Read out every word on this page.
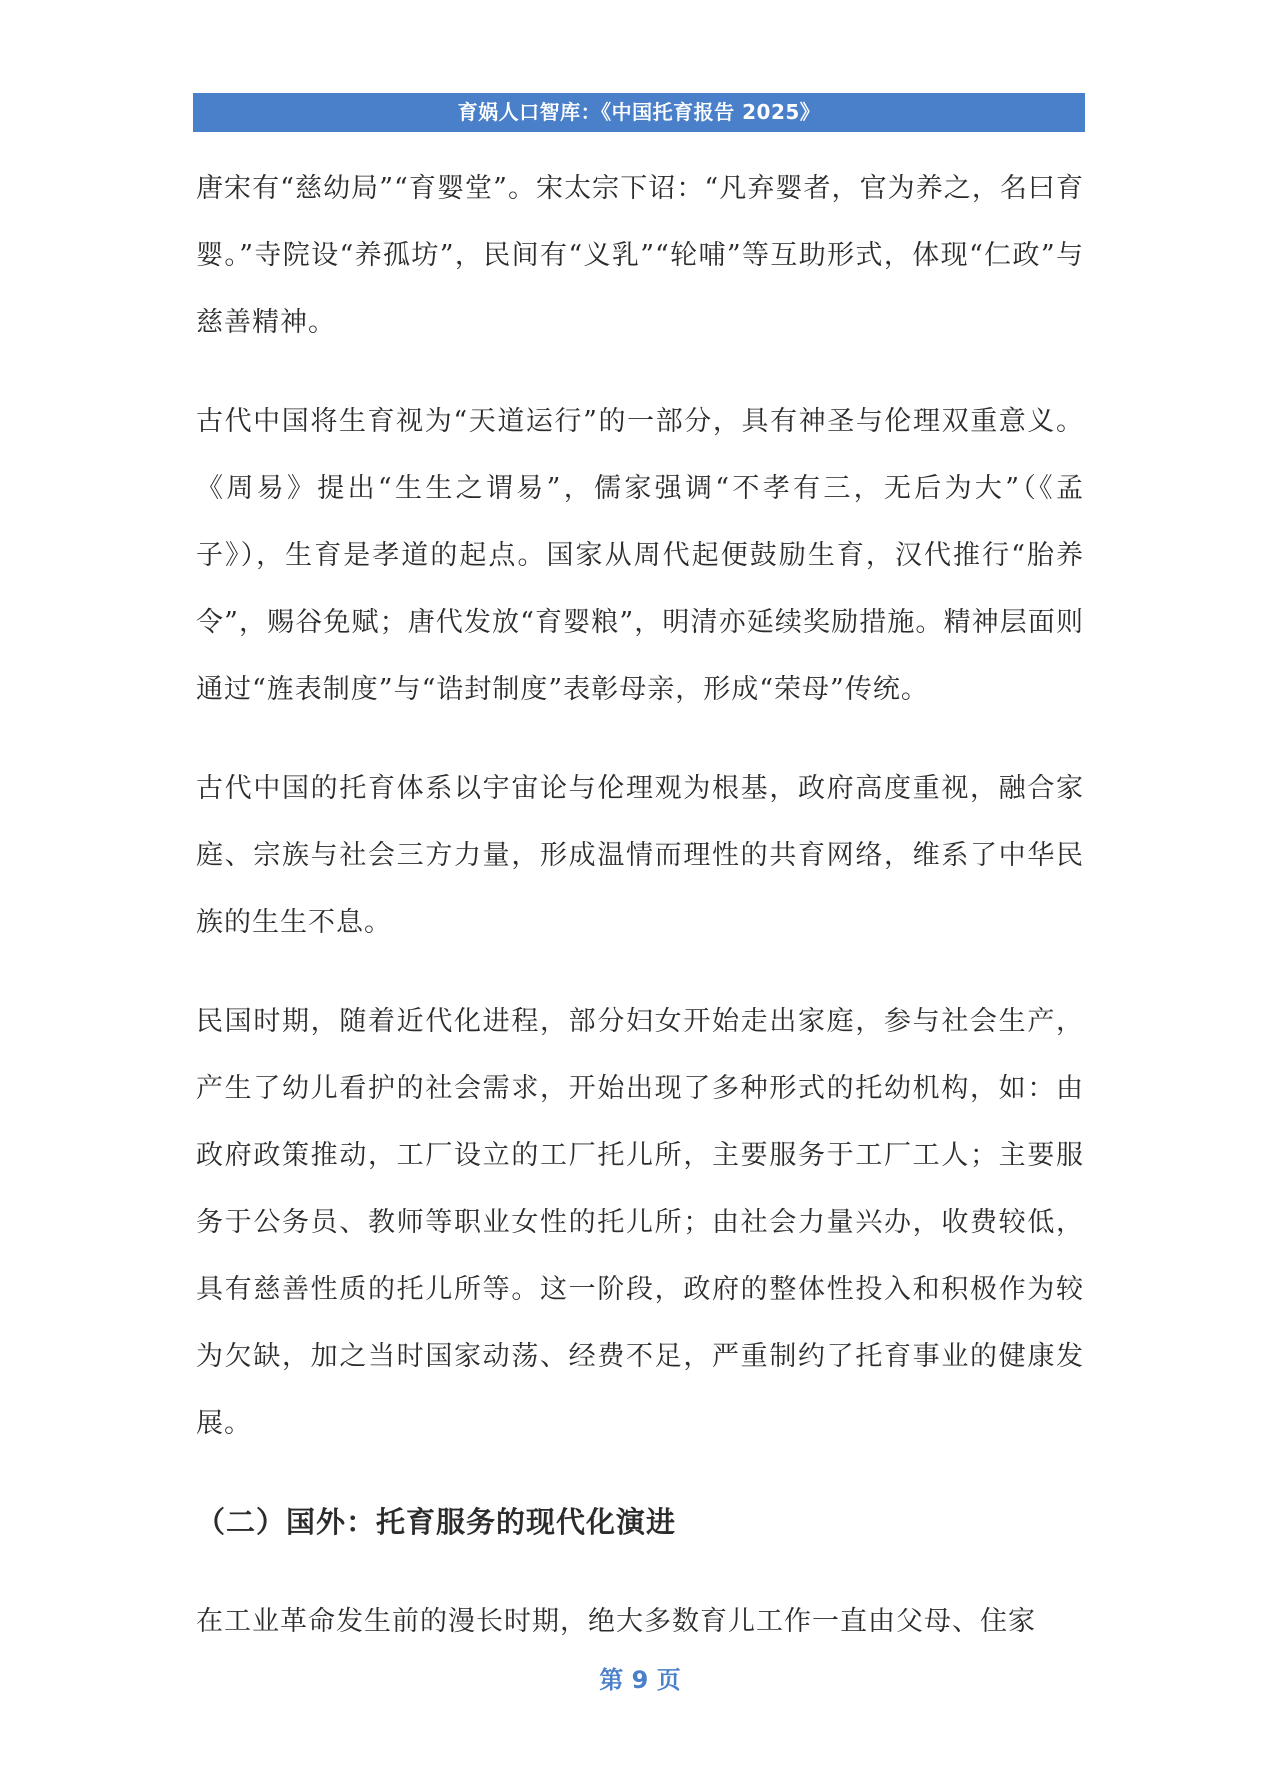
育娲人口智库：《中国托育报告 2025》

唐宋有“慈幼局”“育婴堂”。宋太宗下诏：“凡弃婴者，官为养之，名曰育婴。”寺院设“养孤坊”，民间有“义乳”“轮哺”等互助形式，体现“仁政”与慈善精神。

古代中国将生育视为“天道运行”的一部分，具有神圣与伦理双重意义。《周易》提出“生生之谓易”，儒家强调“不孝有三，无后为大”（《孟子》），生育是孝道的起点。国家从周代起便鼓励生育，汉代推行“胎养令”，赐谷免赋；唐代发放“育婴粮”，明清亦延续奖励措施。精神层面则通过“旌表制度”与“诰封制度”表彰母亲，形成“荣母”传统。

古代中国的托育体系以宇宙论与伦理观为根基，政府高度重视，融合家庭、宗族与社会三方力量，形成温情而理性的共育网络，维系了中华民族的生生不息。

民国时期，随着近代化进程，部分妇女开始走出家庭，参与社会生产，产生了幼儿看护的社会需求，开始出现了多种形式的托幼机构，如：由政府政策推动，工厂设立的工厂托儿所，主要服务于工厂工人；主要服务于公务员、教师等职业女性的托儿所；由社会力量兴办，收费较低，具有慈善性质的托儿所等。这一阶段，政府的整体性投入和积极作为较为欠缺，加之当时国家动荡、经费不足，严重制约了托育事业的健康发展。

（二）国外：托育服务的现代化演进

在工业革命发生前的漫长时期，绝大多数育儿工作一直由父母、住家

第 9 页
